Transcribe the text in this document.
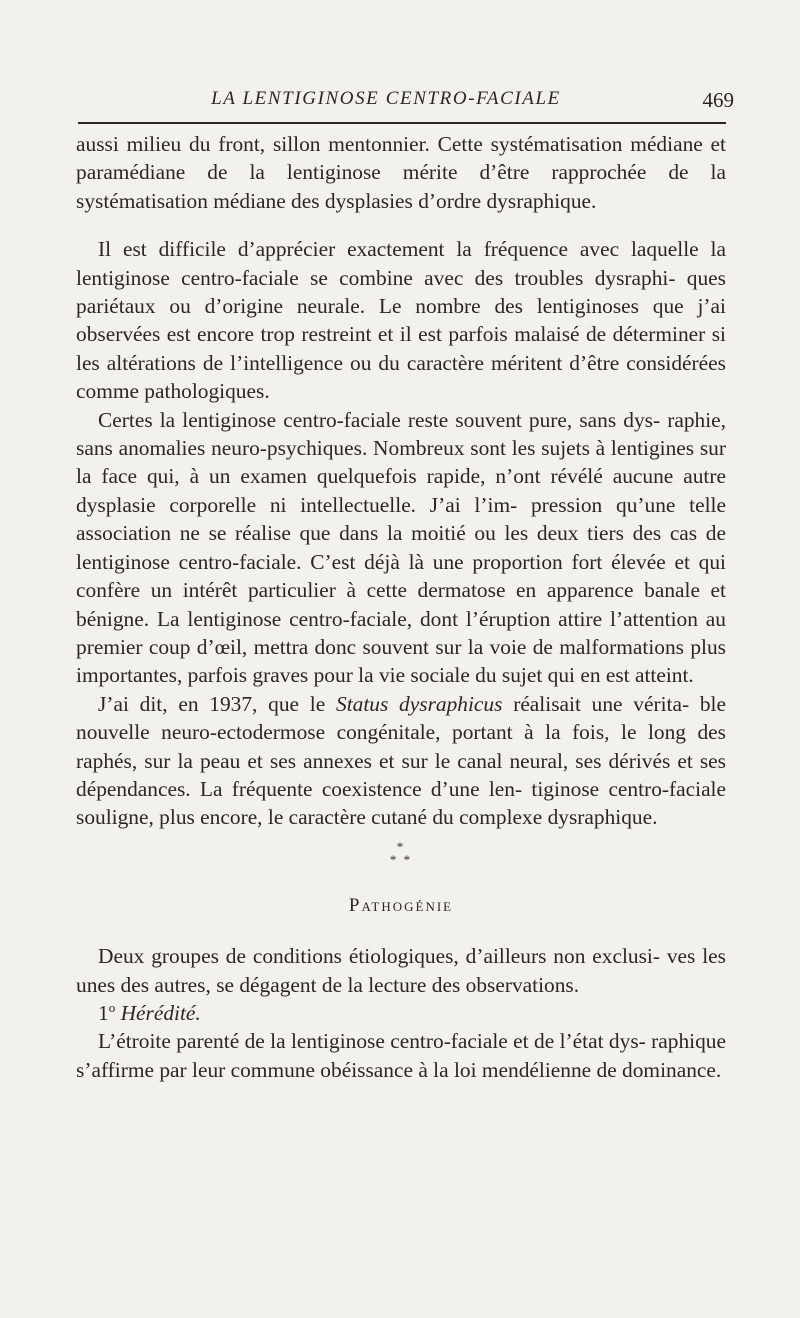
LA LENTIGINOSE CENTRO-FACIALE	469

aussi milieu du front, sillon mentonnier. Cette systématisation médiane et paramédiane de la lentiginose mérite d’être rapprochée de la systématisation médiane des dysplasies d’ordre dysraphique.

Il est difficile d’apprécier exactement la fréquence avec laquelle la lentiginose centro-faciale se combine avec des troubles dysraphi- ques pariétaux ou d’origine neurale. Le nombre des lentiginoses que j’ai observées est encore trop restreint et il est parfois malaisé de déterminer si les altérations de l’intelligence ou du caractère méritent d’être considérées comme pathologiques.

Certes la lentiginose centro-faciale reste souvent pure, sans dys- raphie, sans anomalies neuro-psychiques. Nombreux sont les sujets à lentigines sur la face qui, à un examen quelquefois rapide, n’ont révélé aucune autre dysplasie corporelle ni intellectuelle. J’ai l’im- pression qu’une telle association ne se réalise que dans la moitié ou les deux tiers des cas de lentiginose centro-faciale. C’est déjà là une proportion fort élevée et qui confère un intérêt particulier à cette dermatose en apparence banale et bénigne. La lentiginose centro-faciale, dont l’éruption attire l’attention au premier coup d’œil, mettra donc souvent sur la voie de malformations plus importantes, parfois graves pour la vie sociale du sujet qui en est atteint.

J’ai dit, en 1937, que le Status dysraphicus réalisait une vérita- ble nouvelle neuro-ectodermose congénitale, portant à la fois, le long des raphés, sur la peau et ses annexes et sur le canal neural, ses dérivés et ses dépendances. La fréquente coexistence d’une len- tiginose centro-faciale souligne, plus encore, le caractère cutané du complexe dysraphique.

*
* *
Pathogénie

Deux groupes de conditions étiologiques, d’ailleurs non exclusi- ves les unes des autres, se dégagent de la lecture des observations.

1$^o$ Hérédité.

L’étroite parenté de la lentiginose centro-faciale et de l’état dys- raphique s’affirme par leur commune obéissance à la loi mendélienne de dominance.
